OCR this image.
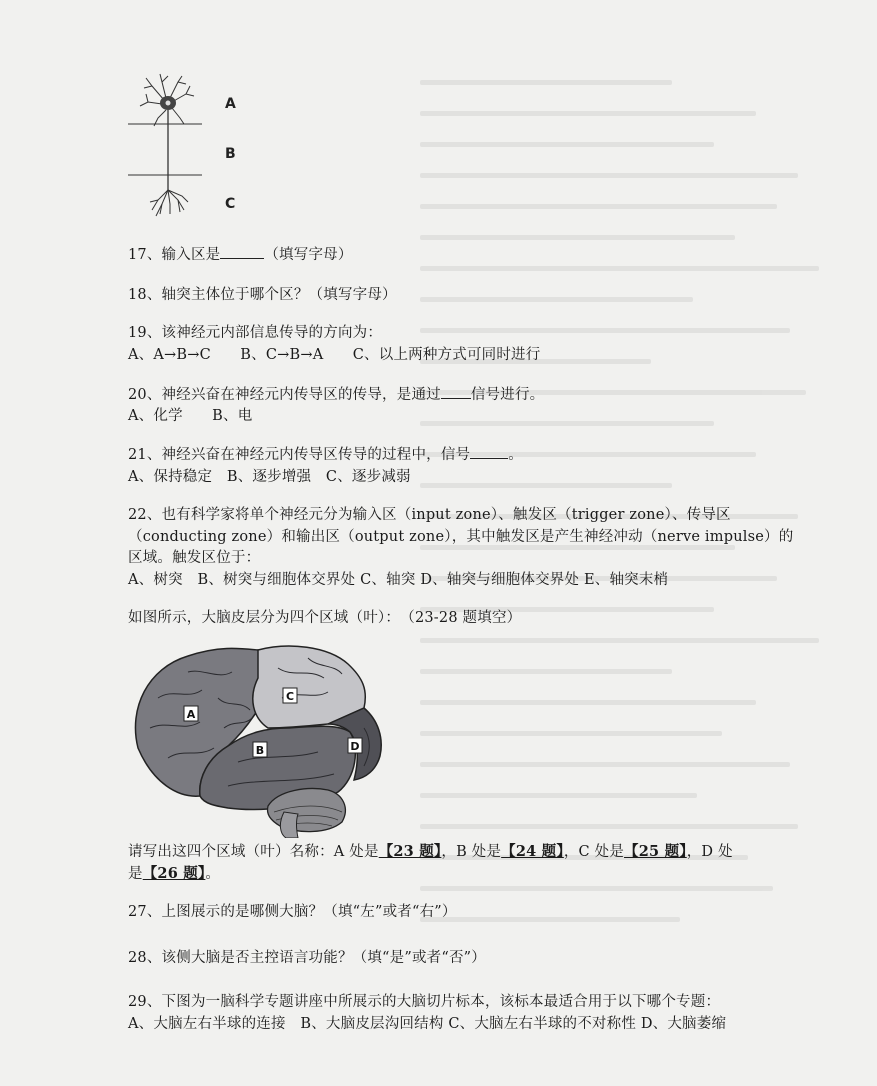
A
B
C
17、输入区是	（填写字母）
18、轴突主体位于哪个区？（填写字母）
19、该神经元内部信息传导的方向为：
A、A→B→C　　B、C→B→A　　C、以上两种方式可同时进行
20、神经兴奋在神经元内传导区的传导，是通过 信号进行。
A、化学　　B、电
21、神经兴奋在神经元内传导区传导的过程中，信号	。
A、保持稳定　B、逐步增强　C、逐步减弱
22、也有科学家将单个神经元分为输入区（input zone）、触发区（trigger zone）、传导区
（conducting zone）和输出区（output zone），其中触发区是产生神经冲动（nerve impulse）的
区域。触发区位于：
A、树突　B、树突与细胞体交界处 C、轴突 D、轴突与细胞体交界处 E、轴突末梢
如图所示，大脑皮层分为四个区域（叶）：　（23-28 题填空）
A
B
C
D
请写出这四个区域（叶）名称：A 处是【23 题】，B 处是【24 题】，C 处是【25 题】，D 处
是【26 题】。
27、上图展示的是哪侧大脑？（填“左”或者“右”）
28、该侧大脑是否主控语言功能？（填“是”或者“否”）
29、下图为一脑科学专题讲座中所展示的大脑切片标本，该标本最适合用于以下哪个专题：
A、大脑左右半球的连接　B、大脑皮层沟回结构 C、大脑左右半球的不对称性 D、大脑萎缩
